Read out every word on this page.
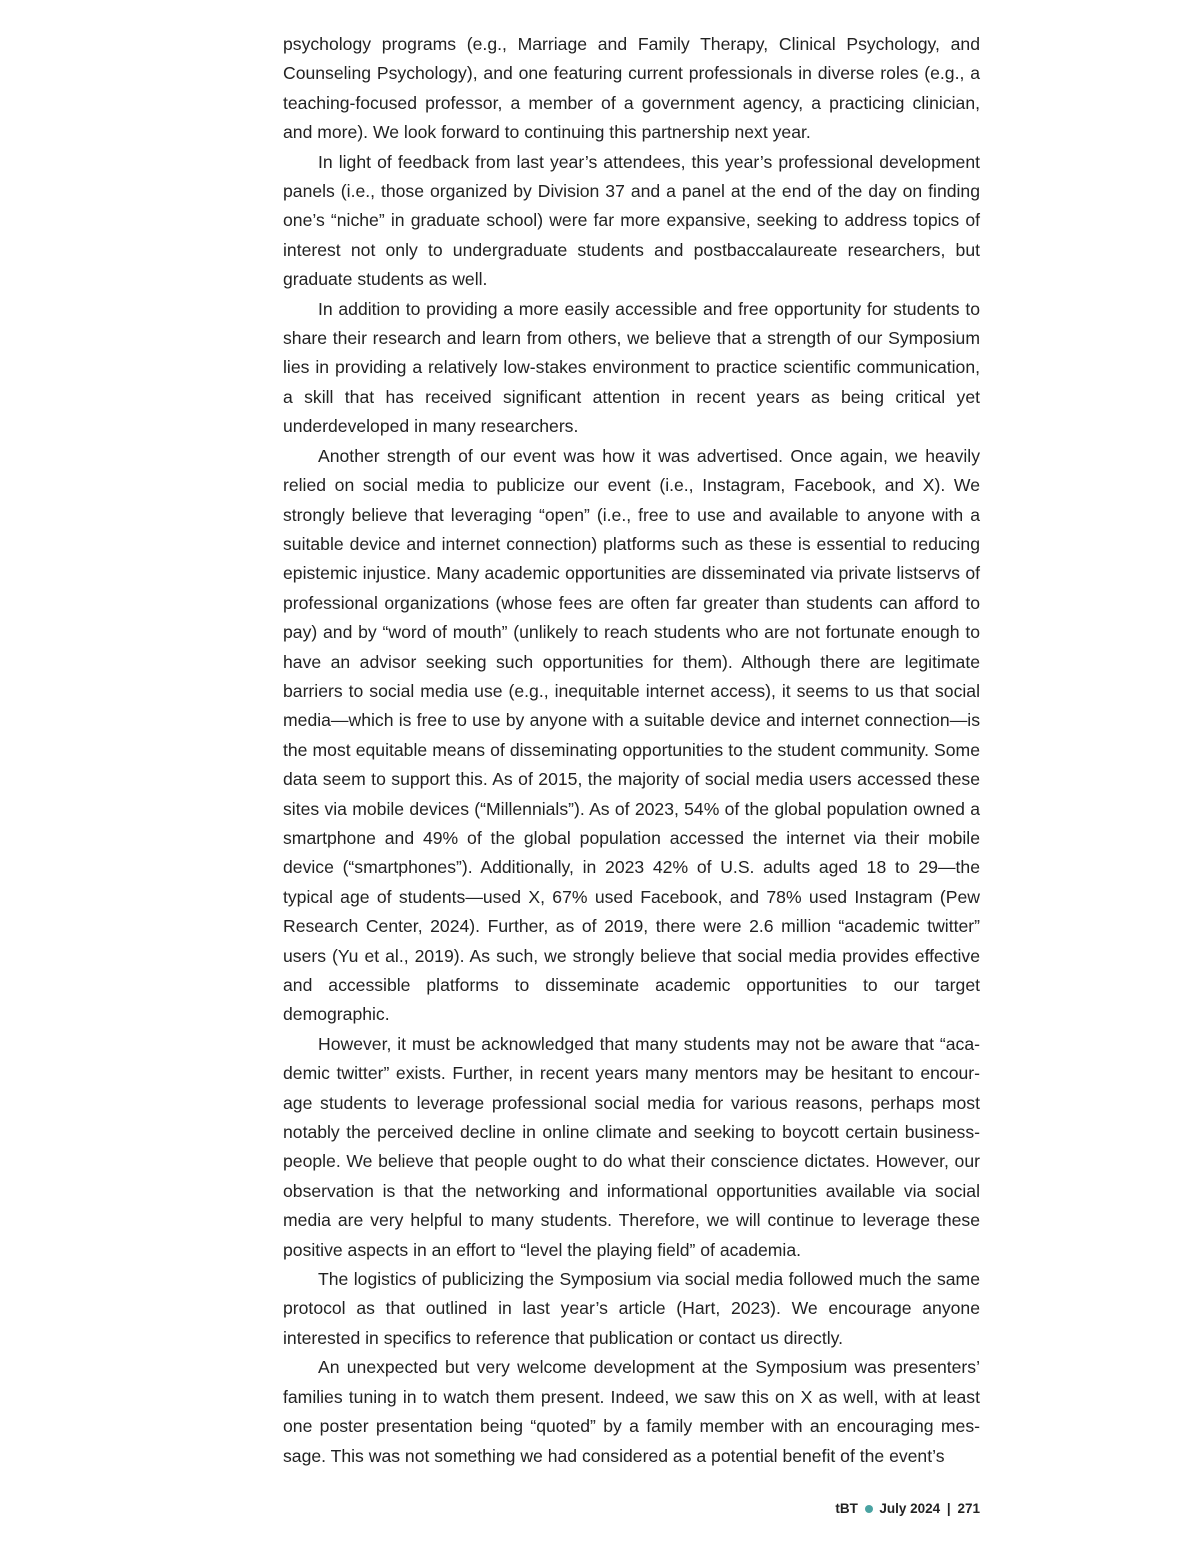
psychology programs (e.g., Marriage and Family Therapy, Clinical Psychology, and Counseling Psychology), and one featuring current professionals in diverse roles (e.g., a teaching-focused professor, a member of a government agency, a practicing clinician, and more). We look forward to continuing this partnership next year.

In light of feedback from last year’s attendees, this year’s professional development panels (i.e., those organized by Division 37 and a panel at the end of the day on finding one’s “niche” in graduate school) were far more expansive, seeking to address topics of interest not only to undergraduate students and postbaccalaureate researchers, but graduate students as well.

In addition to providing a more easily accessible and free opportunity for students to share their research and learn from others, we believe that a strength of our Symposium lies in providing a relatively low-stakes environment to practice scientific communication, a skill that has received significant attention in recent years as being critical yet underdeveloped in many researchers.

Another strength of our event was how it was advertised. Once again, we heavily relied on social media to publicize our event (i.e., Instagram, Facebook, and X). We strongly believe that leveraging “open” (i.e., free to use and available to anyone with a suitable device and internet connection) platforms such as these is essential to reducing epistemic injustice. Many academic opportunities are disseminated via private listservs of professional organizations (whose fees are often far greater than students can afford to pay) and by “word of mouth” (unlikely to reach students who are not fortunate enough to have an advisor seeking such opportunities for them). Although there are legitimate barriers to social media use (e.g., inequitable internet access), it seems to us that social media—which is free to use by anyone with a suitable device and internet connection—is the most equitable means of disseminating opportunities to the student community. Some data seem to support this. As of 2015, the majority of social media users accessed these sites via mobile devices (“Millennials”). As of 2023, 54% of the global population owned a smartphone and 49% of the global population accessed the internet via their mobile device (“smartphones”). Additionally, in 2023 42% of U.S. adults aged 18 to 29—the typical age of students—used X, 67% used Facebook, and 78% used Instagram (Pew Research Center, 2024). Further, as of 2019, there were 2.6 million “academic twitter” users (Yu et al., 2019). As such, we strongly believe that social media provides effective and accessible platforms to disseminate academic opportunities to our target demographic.

However, it must be acknowledged that many students may not be aware that “academic twitter” exists. Further, in recent years many mentors may be hesitant to encourage students to leverage professional social media for various reasons, perhaps most notably the perceived decline in online climate and seeking to boycott certain businesspeople. We believe that people ought to do what their conscience dictates. However, our observation is that the networking and informational opportunities available via social media are very helpful to many students. Therefore, we will continue to leverage these positive aspects in an effort to “level the playing field” of academia.

The logistics of publicizing the Symposium via social media followed much the same protocol as that outlined in last year’s article (Hart, 2023). We encourage anyone interested in specifics to reference that publication or contact us directly.

An unexpected but very welcome development at the Symposium was presenters’ families tuning in to watch them present. Indeed, we saw this on X as well, with at least one poster presentation being “quoted” by a family member with an encouraging message. This was not something we had considered as a potential benefit of the event’s

tBT July 2024 | 271
